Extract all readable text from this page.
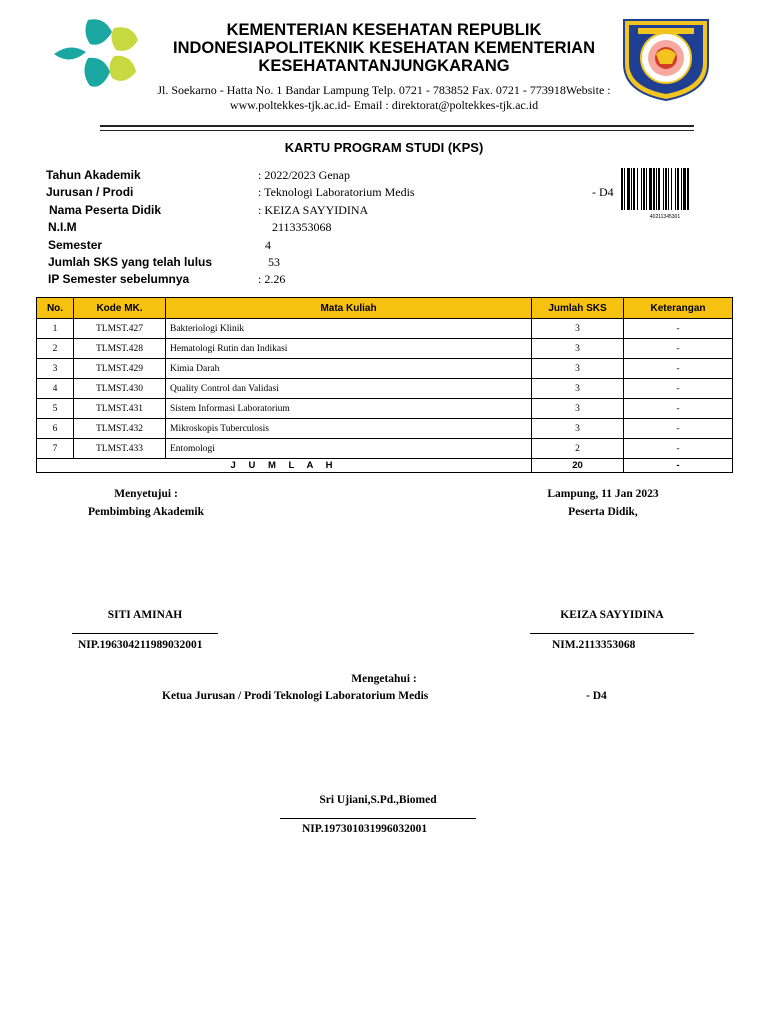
KEMENTERIAN KESEHATAN REPUBLIK
INDONESIAPOLITEKNIK KESEHATAN KEMENTERIAN
KESEHATANTANJUNGKARANG
Jl. Soekarno - Hatta No. 1 Bandar Lampung Telp. 0721 - 783852 Fax. 0721 - 773918Website :
www.poltekkes-tjk.ac.id- Email : direktorat@poltekkes-tjk.ac.id
KARTU PROGRAM STUDI (KPS)
Tahun Akademik	: 2022/2023 Genap
Jurusan / Prodi	: Teknologi Laboratorium Medis	- D4
Nama Peserta Didik	: KEIZA SAYYIDINA
N.I.M	2113353068
Semester	4
Jumlah SKS yang telah lulus	53
IP Semester sebelumnya	: 2.26
40211345301
No.	Kode MK.	Mata Kuliah	Jumlah SKS	Keterangan
1	TLMST.427	Bakteriologi Klinik	3	-
2	TLMST.428	Hematologi Rutin dan Indikasi	3	-
3	TLMST.429	Kimia Darah	3	-
4	TLMST.430	Quality Control dan Validasi	3	-
5	TLMST.431	Sistem Informasi Laboratorium	3	-
6	TLMST.432	Mikroskopis Tuberculosis	3	-
7	TLMST.433	Entomologi	2	-
J U M L A H			20	-
Menyetujui :
Pembimbing Akademik
Lampung, 11 Jan 2023
Peserta Didik,
SITI AMINAH
NIP.196304211989032001
KEIZA SAYYIDINA
NIM.2113353068
Mengetahui :
Ketua Jurusan / Prodi Teknologi Laboratorium Medis	- D4
Sri Ujiani,S.Pd.,Biomed
NIP.197301031996032001
